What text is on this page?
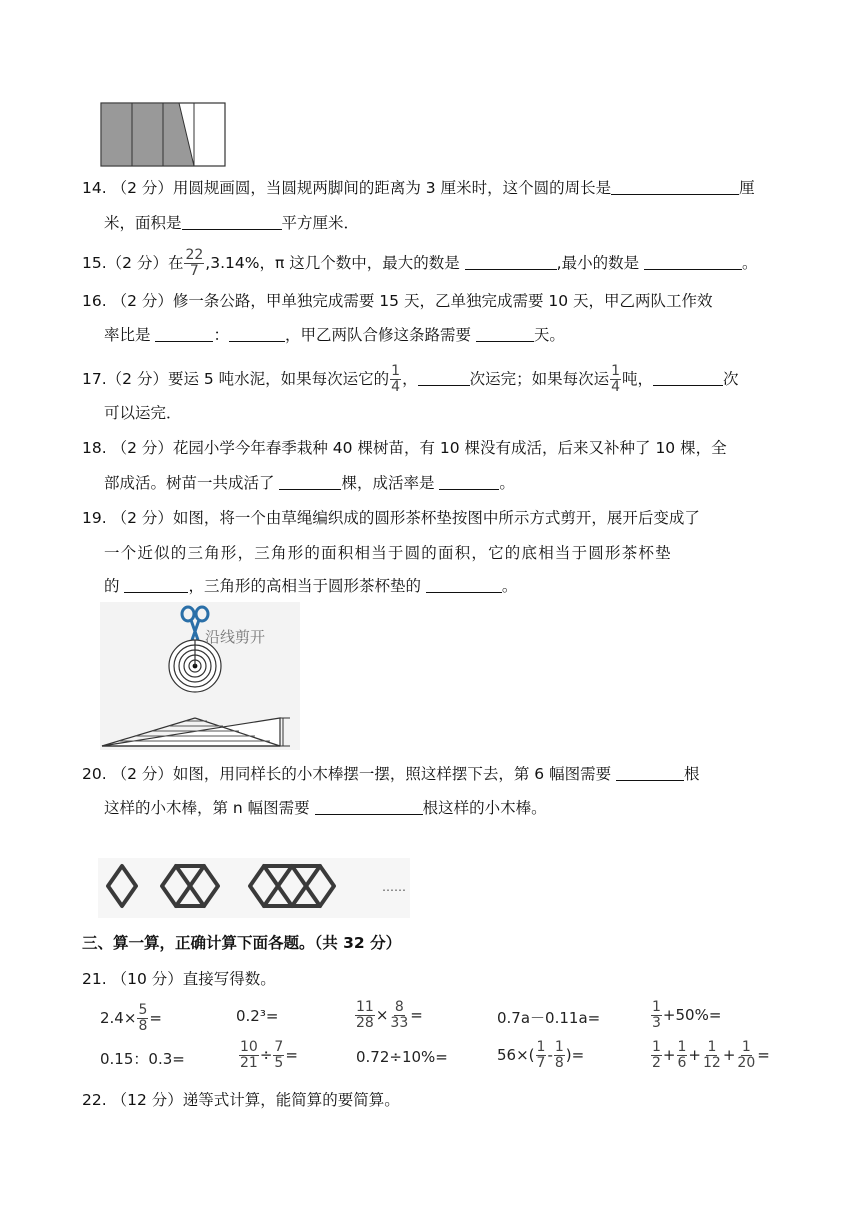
14. （2 分）用圆规画圆，当圆规两脚间的距离为 3 厘米时，这个圆的周长是	厘
米，面积是	平方厘米．
15.（2 分）在 $\frac{22}{7} ,3.14\%$，π 这几个数中，最大的数是	,最小的数是	。
16. （2 分）修一条公路，甲单独完成需要 15 天，乙单独完成需要 10 天，甲乙两队工作效
率比是	：	，甲乙两队合修这条路需要	天。
17.（2 分）要运 5 吨水泥，如果每次运它的 $\frac{1}{4}$ ，	次运完；如果每次运 $\frac{1}{4}$ 吨，	次
可以运完．
18. （2 分）花园小学今年春季栽种 40 棵树苗，有 10 棵没有成活，后来又补种了 10 棵，全
部成活。树苗一共成活了	棵，成活率是	。
19. （2 分）如图，将一个由草绳编织成的圆形茶杯垫按图中所示方式剪开，展开后变成了
一个近似的三角形，三角形的面积相当于圆的面积，它的底相当于圆形茶杯垫
的	，三角形的高相当于圆形茶杯垫的	。
沿线剪开
20. （2 分）如图，用同样长的小木棒摆一摆，照这样摆下去，第 6 幅图需要	根
这样的小木棒，第 n 幅图需要	根这样的小木棒。
……
三、算一算，正确计算下面各题。（共 32 分）
21. （10 分）直接写得数。
$2.4\times \frac{5}{8}$ =	0.2³=	$\frac{11}{28} \times \frac{8}{33}$ =	0.7a－0.11a=	$\frac{1}{3} +50\%=$
0.15：0.3=	$\frac{10}{21} \div \frac{7}{5}$ =	0.72÷10%=	$56\times( \frac{1}{7} - \frac{1}{8}$ )=	$\frac{1}{2} + \frac{1}{6} + \frac{1}{12} + \frac{1}{20}$ =
22. （12 分）递等式计算，能简算的要简算。
